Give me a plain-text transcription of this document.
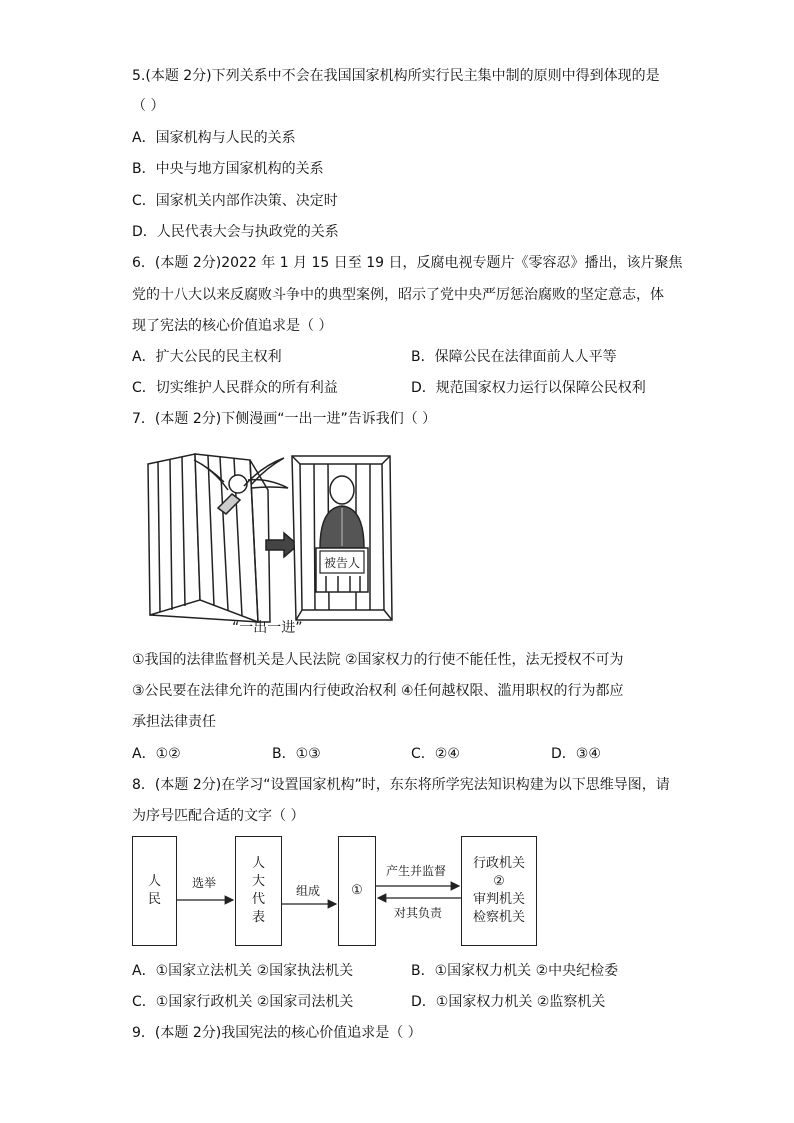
5.(本题 2分)下列关系中不会在我国国家机构所实行民主集中制的原则中得到体现的是
（ ）
A．国家机构与人民的关系
B．中央与地方国家机构的关系
C．国家机关内部作决策、决定时
D．人民代表大会与执政党的关系
6．(本题 2分)2022 年 1 月 15 日至 19 日，反腐电视专题片《零容忍》播出，该片聚焦
党的十八大以来反腐败斗争中的典型案例，昭示了党中央严厉惩治腐败的坚定意志，体
现了宪法的核心价值追求是（ ）
A．扩大公民的民主权利	B．保障公民在法律面前人人平等
C．切实维护人民群众的所有利益	D．规范国家权力运行以保障公民权利
7．(本题 2分)下侧漫画“一出一进”告诉我们（ ）
被告人
“一出一进”
①我国的法律监督机关是人民法院 ②国家权力的行使不能任性，法无授权不可为
③公民要在法律允许的范围内行使政治权利 ④任何越权限、滥用职权的行为都应
承担法律责任
A．①②	B．①③	C．②④	D．③④
8．(本题 2分)在学习“设置国家机构”时，东东将所学宪法知识构建为以下思维导图，请
为序号匹配合适的文字（ ）
人
民
选举
人
大
代
表
组成	①
产生并监督
对其负责
行政机关
②
审判机关
检察机关
A．①国家立法机关 ②国家执法机关	B．①国家权力机关 ②中央纪检委
C．①国家行政机关 ②国家司法机关	D．①国家权力机关 ②监察机关
9．(本题 2分)我国宪法的核心价值追求是（ ）
